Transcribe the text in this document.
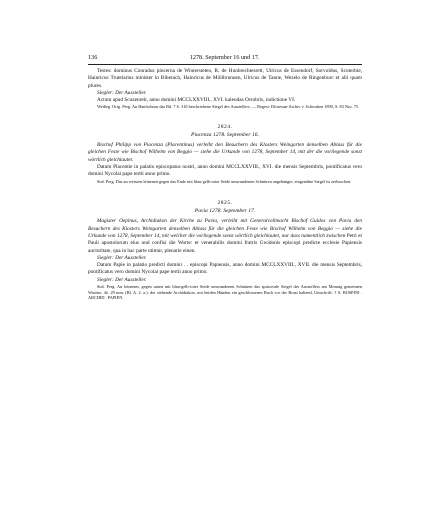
136	1278. September 16 und 17.

Testes: dominus Conradus pincerna de Wintersteten, R. de Hunbrechtesrett, Ulricus de Essendorf, Sorvoldus, Scuterbie, Hainricus Trutelarius minister in Biberach, Hainricus de Mölibrunnen, Ulricus de Tanne, Wezelo de Ringenburc et alii quam plures.

Siegler: Der Aussteller.

Actum apud Scuzenreit, anno domini MCCLXXVIII., XVI. kalendas Octobris, indictione VI.

Weißeg. Orig. Perg. An Hanfschnur das Bd. 7 S. 316 beschriebene Siegel des Ausstellers. — Regest: Diözesan-Archiv v. Schwaben 1890, S. 83 Nro. 75.

2824.

Piacenza 1278. September 16.

Bischof Philipp von Piacenza (Placentinus) verleiht den Besuchern des Klosters Weingarten denselben Ablass für die gleichen Feste wie Bischof Wilhelm von Beggio — siehe die Urkunde von 1278, September 14, mit der die vorliegende sonst wörtlich gleichlautet.

Datum Placentie in palatio episcopatus nostri, anno domini MCCLXXVIII., XVI. die mensis Septembris, pontificatus vero domini Nycolai pape tertii anno primo.

Stal. Perg. Das an weissen leinenen gegen das Ende mit blau-gelb-roter Seide umwundenen Schnüren angehängte, eingenähte Siegel ist zerbrochen.

2825.

Pavia 1278. September 17.

Magister Oepinus, Archidiakon der Kirche zu Pavia, verleiht mit Generalvollmacht Bischof Guidos von Pavia den Besuchern des Klosters Weingarten denselben Ablass für die gleichen Feste wie Bischof Wilhelm von Beggio — siehe die Urkunde von 1278, September 14, mit welcher die vorliegende sonst wörtlich gleichlautet, nur dass namentlich zwischen Petri et Pauli apostolorum eius und confisi die Worte: et venerabilis domini fratris Gwidonis episcopi predicte ecclesie Papiensis auctoritate, qua in hac parte utimur, plenarie einen.

Siegler: Der Aussteller.

Datum Papie in palatio predicti domini . . episcopi Papiensis, anno domini MCCLXXVIII., XVII. die mensis Septembris, pontificatus vero domini Nycolai pape tertii anno primo.

Siegler: Der Aussteller.

Stal. Perg. An leinenen, gegen unten mit blau-gelb-roter Seide umwundenen Schnüren das spitzovale Siegel des Ausstellers am Monnig gemeinten Wachse, 4ö. 29 mm. (Bl. A. 2. a.): der stehende Archidiakon, mit beiden Händen ein geschlossenes Buch vor der Brust haltend, Umschrift: † S. BOSPINI . ARCHID . PAPIEN.
